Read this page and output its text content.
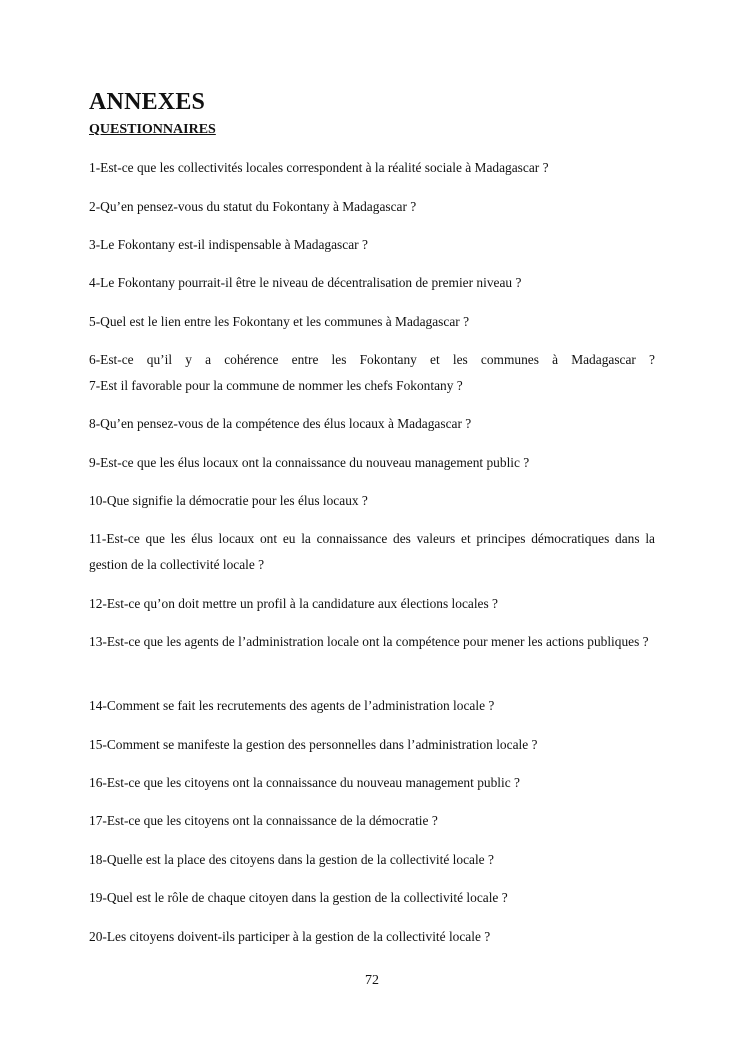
ANNEXES
QUESTIONNAIRES
1-Est-ce que les collectivités locales correspondent à la réalité sociale à Madagascar ?
2-Qu’en pensez-vous du statut du Fokontany à Madagascar ?
3-Le Fokontany est-il indispensable à Madagascar ?
4-Le Fokontany pourrait-il être le niveau de décentralisation de premier niveau ?
5-Quel est le lien entre les Fokontany et les communes à Madagascar ?
6-Est-ce qu’il y a cohérence entre les Fokontany et les communes à Madagascar ?
7-Est il favorable pour la commune de nommer les chefs Fokontany ?
8-Qu’en pensez-vous de la compétence des élus locaux à Madagascar ?
9-Est-ce que les élus locaux ont la connaissance du nouveau management public ?
10-Que signifie la démocratie pour les élus locaux ?
11-Est-ce que les élus locaux ont eu la connaissance des valeurs et principes démocratiques dans la gestion de la collectivité locale ?
12-Est-ce qu’on doit mettre un profil à la candidature aux élections locales ?
13-Est-ce que les agents de l’administration locale ont la compétence pour mener les actions publiques ?
14-Comment se fait les recrutements des agents de l’administration locale ?
15-Comment se manifeste la gestion des personnelles dans l’administration locale ?
16-Est-ce que les citoyens ont la connaissance du nouveau management public ?
17-Est-ce que les citoyens ont la connaissance de la démocratie ?
18-Quelle est la place des citoyens dans la gestion de la collectivité locale ?
19-Quel est le rôle de chaque citoyen dans la gestion de la collectivité locale ?
20-Les citoyens doivent-ils participer à la gestion de la collectivité locale ?
72
